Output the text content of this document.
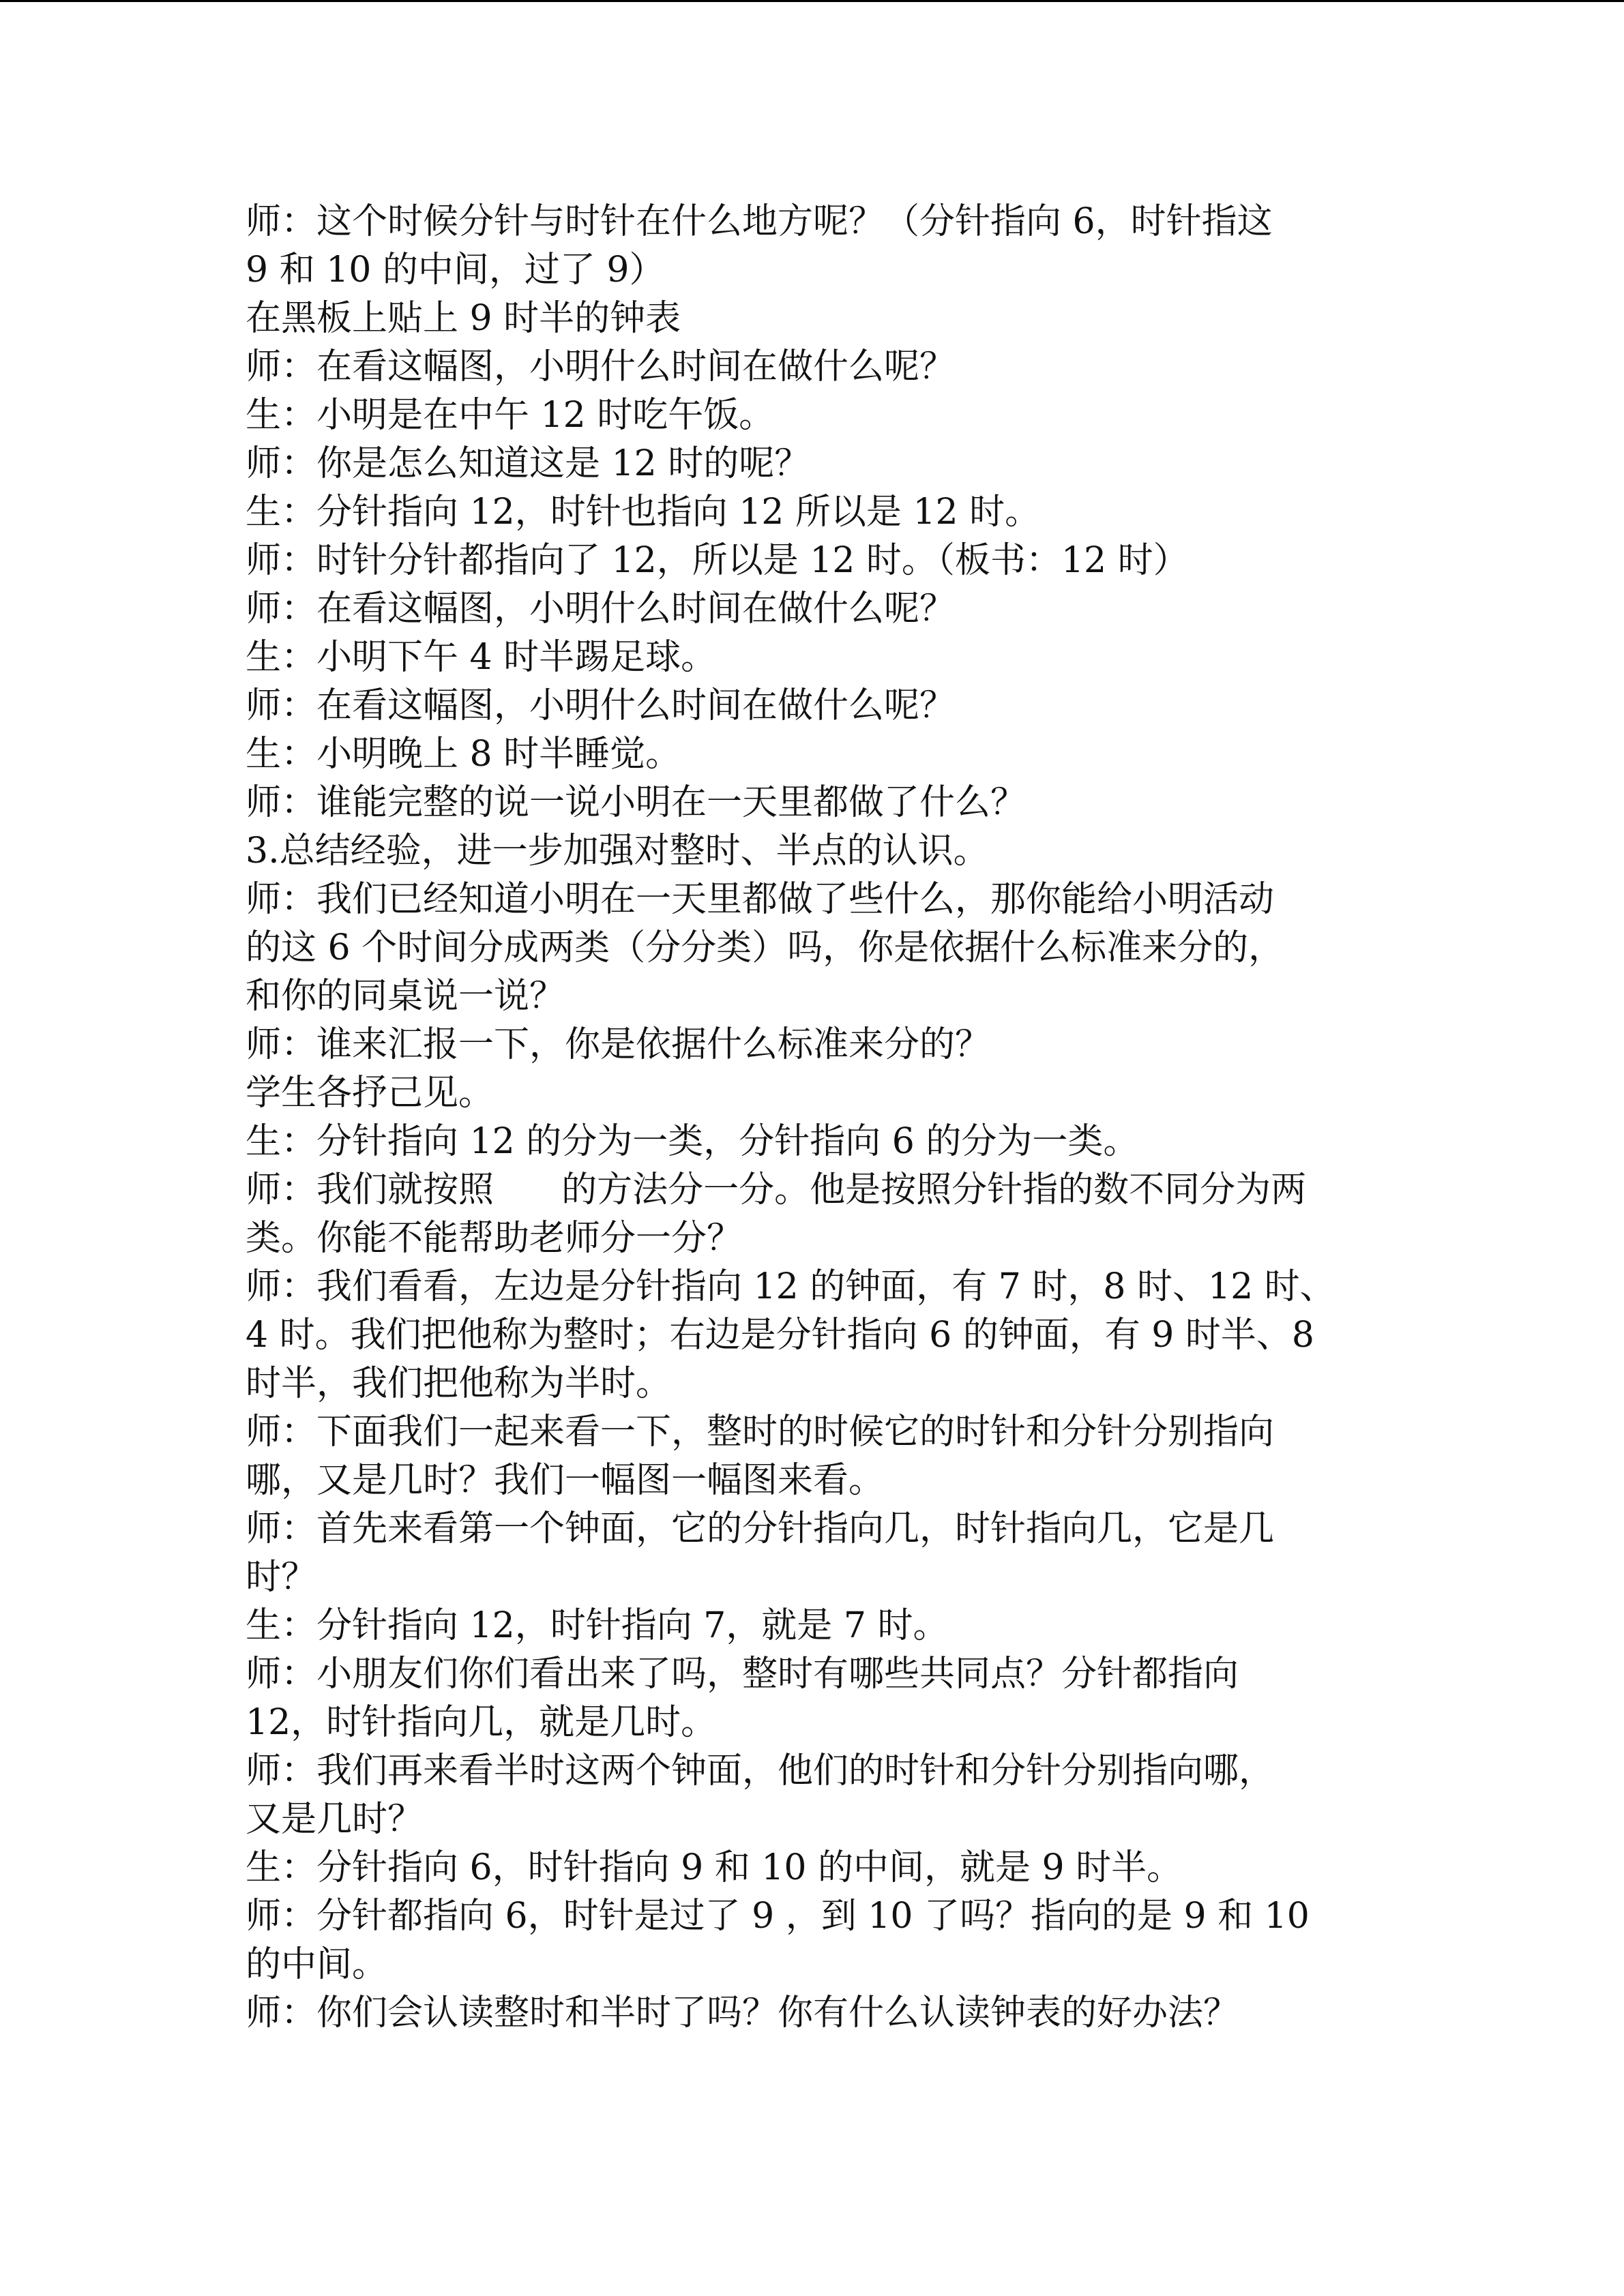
师：这个时候分针与时针在什么地方呢？（分针指向 6，时针指这

9 和 10 的中间，过了 9）

在黑板上贴上 9 时半的钟表

师：在看这幅图，小明什么时间在做什么呢？

生：小明是在中午 12 时吃午饭。

师：你是怎么知道这是 12 时的呢？

生：分针指向 12，时针也指向 12 所以是 12 时。

师：时针分针都指向了 12，所以是 12 时。（板书：12 时）

师：在看这幅图，小明什么时间在做什么呢？

生：小明下午 4 时半踢足球。

师：在看这幅图，小明什么时间在做什么呢？

生：小明晚上 8 时半睡觉。

师：谁能完整的说一说小明在一天里都做了什么？

3.总结经验，进一步加强对整时、半点的认识。

师：我们已经知道小明在一天里都做了些什么，那你能给小明活动

的这 6 个时间分成两类（分分类）吗，你是依据什么标准来分的，

和你的同桌说一说？

师：谁来汇报一下，你是依据什么标准来分的？

学生各抒己见。

生：分针指向 12 的分为一类，分针指向 6 的分为一类。

师：我们就按照      的方法分一分。他是按照分针指的数不同分为两

类。你能不能帮助老师分一分？

师：我们看看，左边是分针指向 12 的钟面，有 7 时，8 时、12 时、

4 时。我们把他称为整时；右边是分针指向 6 的钟面，有 9 时半、8

时半，我们把他称为半时。

师：下面我们一起来看一下，整时的时候它的时针和分针分别指向

哪，又是几时？我们一幅图一幅图来看。

师：首先来看第一个钟面，它的分针指向几，时针指向几，它是几

时？

生：分针指向 12，时针指向 7，就是 7 时。

师：小朋友们你们看出来了吗，整时有哪些共同点？分针都指向

12，时针指向几，就是几时。

师：我们再来看半时这两个钟面，他们的时针和分针分别指向哪，

又是几时？

生：分针指向 6，时针指向 9 和 10 的中间，就是 9 时半。

师：分针都指向 6，时针是过了 9 ，到 10 了吗？指向的是 9 和 10

的中间。

师：你们会认读整时和半时了吗？你有什么认读钟表的好办法？
